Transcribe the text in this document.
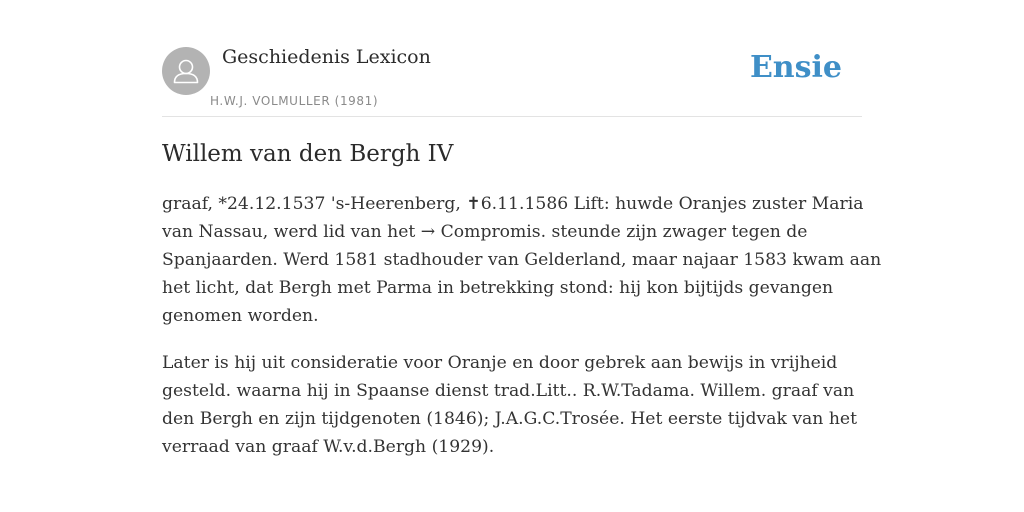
Geschiedenis Lexicon
H.W.J. VOLMULLER (1981)
Ensie
Willem van den Bergh IV

graaf, *24.12.1537 's-Heerenberg, ✝6.11.1586 Lift: huwde Oranjes zuster Maria
van Nassau, werd lid van het → Compromis. steunde zijn zwager tegen de
Spanjaarden. Werd 1581 stadhouder van Gelderland, maar najaar 1583 kwam aan
het licht, dat Bergh met Parma in betrekking stond: hij kon bijtijds gevangen
genomen worden.

Later is hij uit consideratie voor Oranje en door gebrek aan bewijs in vrijheid
gesteld. waarna hij in Spaanse dienst trad.Litt.. R.W.Tadama. Willem. graaf van
den Bergh en zijn tijdgenoten (1846); J.A.G.C.Trosée. Het eerste tijdvak van het
verraad van graaf W.v.d.Bergh (1929).
